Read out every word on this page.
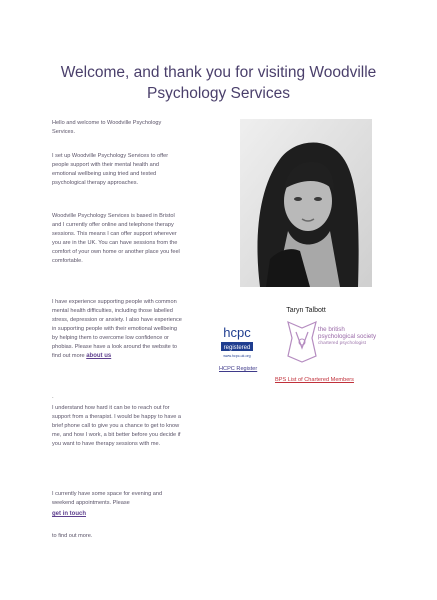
Welcome, and thank you for visiting Woodville Psychology Services
Hello and welcome to Woodville Psychology Services.
I set up Woodville Psychology Services to offer people support with their mental health and emotional wellbeing using tried and tested psychological therapy approaches.
Woodville Psychology Services is based in Bristol and I currently offer online and telephone therapy sessions. This means I can offer support wherever you are in the UK. You can have sessions from the comfort of your own home or another place you feel comfortable.
I have experience supporting people with common mental health difficulties, including those labelled stress, depression or anxiety. I also have experience in supporting people with their emotional wellbeing by helping them to overcome low confidence or phobias. Please have a look around the website to find out more about us
.
I understand how hard it can be to reach out for support from a therapist. I would be happy to have a brief phone call to give you a chance to get to know me, and how I work, a bit better before you decide if you want to have therapy sessions with me.
I currently have some space for evening and weekend appointments. Please
get in touch
to find out more.
Taryn Talbott
hcpc
registered
www.hcpc-uk.org
HCPC Register
the british
psychological society
chartered psychologist
BPS List of Chartered Members
